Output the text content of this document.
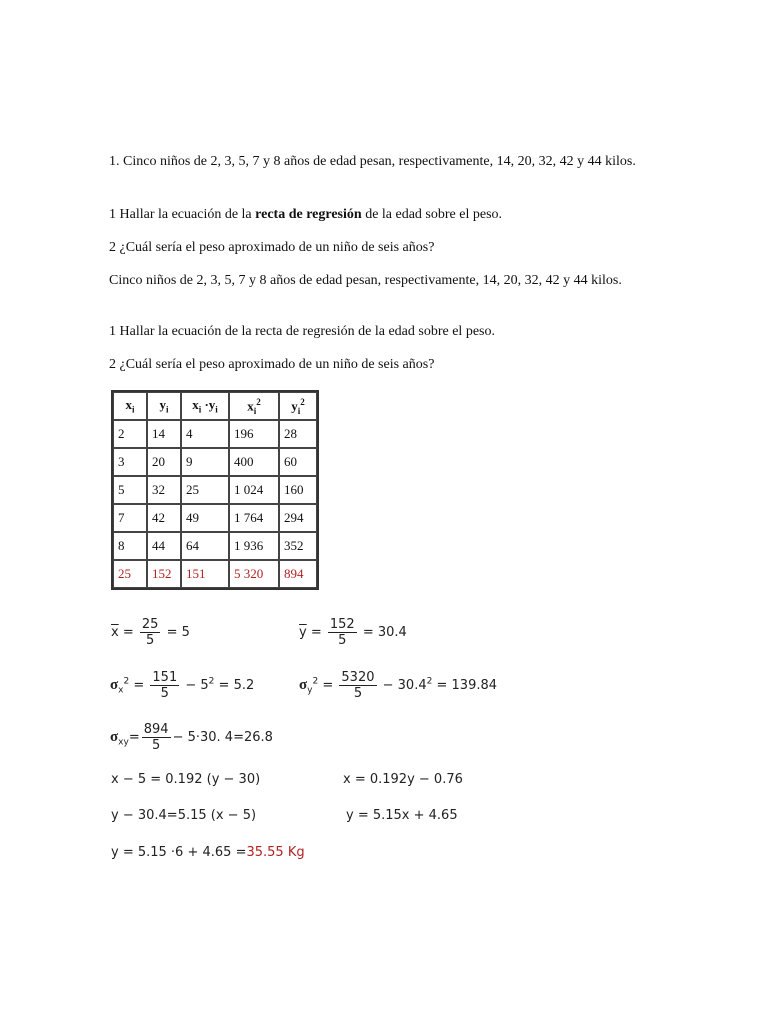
1. Cinco niños de 2, 3, 5, 7 y 8 años de edad pesan, respectivamente, 14, 20, 32, 42 y 44 kilos.

1 Hallar la ecuación de la recta de regresión de la edad sobre el peso.

2 ¿Cuál sería el peso aproximado de un niño de seis años?

Cinco niños de 2, 3, 5, 7 y 8 años de edad pesan, respectivamente, 14, 20, 32, 42 y 44 kilos.

1 Hallar la ecuación de la recta de regresión de la edad sobre el peso.

2 ¿Cuál sería el peso aproximado de un niño de seis años?

$x_i$	$y_i$	$x_i \cdot y_i$	$x_i^2$	$y_i^2$
2	14	4	196	28
3	20	9	400	60
5	32	25	1 024	160
7	42	49	1 764	294
8	44	64	1 936	352
25	152	151	5 320	894
$\overline{x} = \frac{25}{5} = 5$	$\overline{y} = \frac{152}{5} = 30.4$
$\sigma_x^2 = \frac{151}{5} - 5^2 = 5.2$	$\sigma_y^2 = \frac{5320}{5} - 30.4^2 = 139.84$
$\sigma_{xy}= \frac{894}{5} - 5\cdot 30$. 4=26.8
x − 5 = 0.192 (y − 30)	x = 0.192y − 0.76
y − 30.4=5.15 (x − 5)	y = 5.15x + 4.65
y = 5.15 ·6 + 4.65 =35.55 Kg
